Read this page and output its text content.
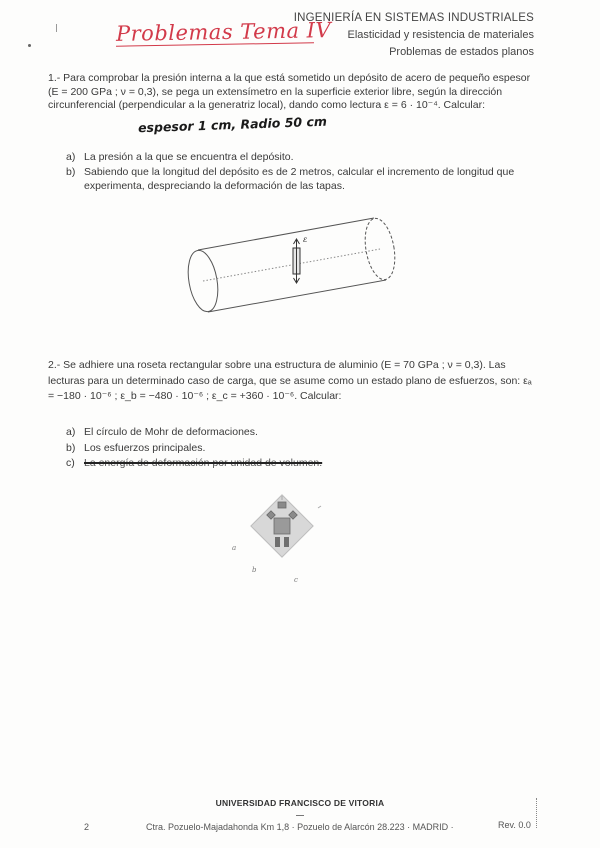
Problemas Tema IV
INGENIERÍA EN SISTEMAS INDUSTRIALES
Elasticidad y resistencia de materiales
Problemas de estados planos
1.- Para comprobar la presión interna a la que está sometido un depósito de acero de pequeño espesor (E = 200 GPa ; ν = 0,3), se pega un extensímetro en la superficie exterior libre, según la dirección circunferencial (perpendicular a la generatriz local), dando como lectura ε = 6 · 10⁻⁴. Calcular:
espesor 1 cm, Radio 50 cm
a) La presión a la que se encuentra el depósito.
b) Sabiendo que la longitud del depósito es de 2 metros, calcular el incremento de longitud que experimenta, despreciando la deformación de las tapas.
ε
2.- Se adhiere una roseta rectangular sobre una estructura de aluminio (E = 70 GPa ; ν = 0,3). Las lecturas para un determinado caso de carga, que se asume como un estado plano de esfuerzos, son: εₐ = −180 · 10⁻⁶ ; ε_b = −480 · 10⁻⁶ ; ε_c = +360 · 10⁻⁶. Calcular:
a) El círculo de Mohr de deformaciones.
b) Los esfuerzos principales.
c) La energía de deformación por unidad de volumen.
a
b
c
UNIVERSIDAD FRANCISCO DE VITORIA
2	Ctra. Pozuelo-Majadahonda Km 1,8 · Pozuelo de Alarcón 28.223 · MADRID ·	Rev. 0.0
